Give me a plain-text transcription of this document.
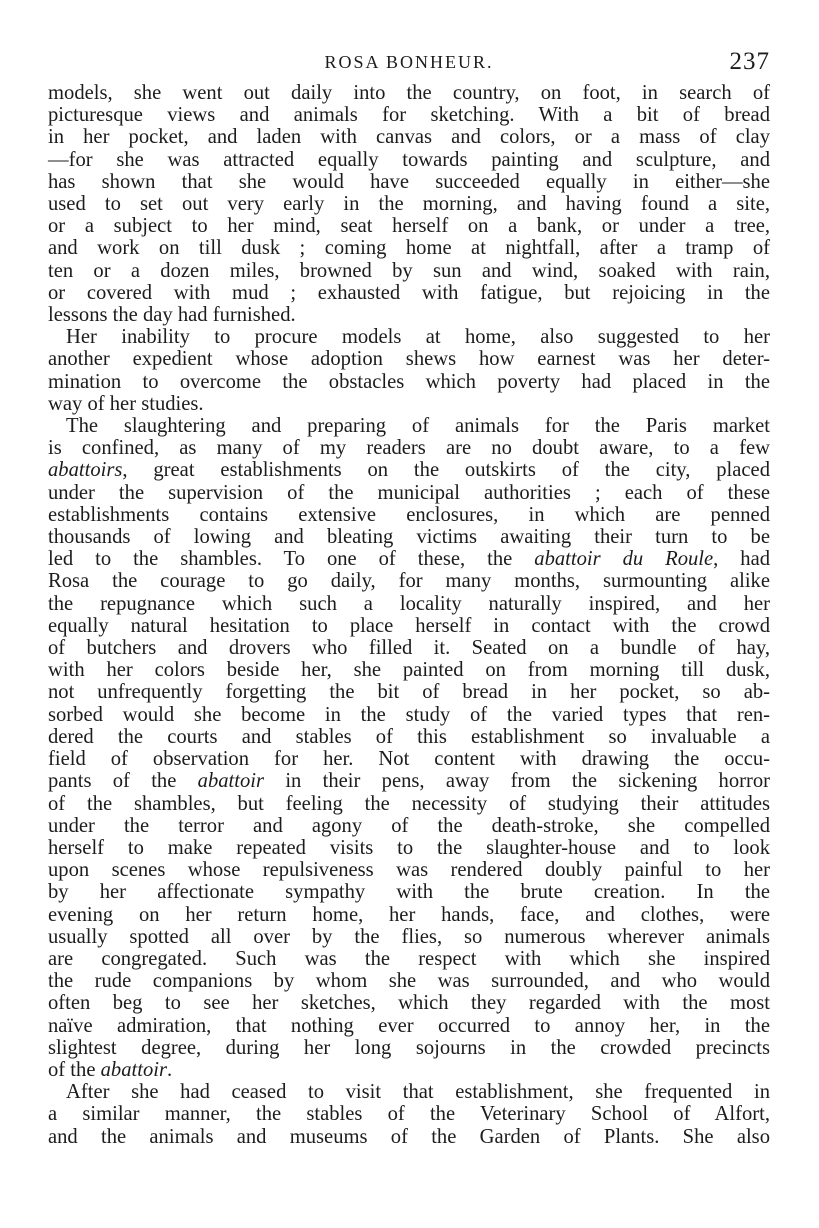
ROSA BONHEUR.	237

models, she went out daily into the country, on foot, in search of
picturesque views and animals for sketching. With a bit of bread
in her pocket, and laden with canvas and colors, or a mass of clay
—for she was attracted equally towards painting and sculpture, and
has shown that she would have succeeded equally in either—she
used to set out very early in the morning, and having found a site,
or a subject to her mind, seat herself on a bank, or under a tree,
and work on till dusk ; coming home at nightfall, after a tramp of
ten or a dozen miles, browned by sun and wind, soaked with rain,
or covered with mud ; exhausted with fatigue, but rejoicing in the
lessons the day had furnished.

Her inability to procure models at home, also suggested to her
another expedient whose adoption shews how earnest was her deter-
mination to overcome the obstacles which poverty had placed in the
way of her studies.

The slaughtering and preparing of animals for the Paris market
is confined, as many of my readers are no doubt aware, to a few
abattoirs, great establishments on the outskirts of the city, placed
under the supervision of the municipal authorities ; each of these
establishments contains extensive enclosures, in which are penned
thousands of lowing and bleating victims awaiting their turn to be
led to the shambles. To one of these, the abattoir du Roule, had
Rosa the courage to go daily, for many months, surmounting alike
the repugnance which such a locality naturally inspired, and her
equally natural hesitation to place herself in contact with the crowd
of butchers and drovers who filled it. Seated on a bundle of hay,
with her colors beside her, she painted on from morning till dusk,
not unfrequently forgetting the bit of bread in her pocket, so ab-
sorbed would she become in the study of the varied types that ren-
dered the courts and stables of this establishment so invaluable a
field of observation for her. Not content with drawing the occu-
pants of the abattoir in their pens, away from the sickening horror
of the shambles, but feeling the necessity of studying their attitudes
under the terror and agony of the death-stroke, she compelled
herself to make repeated visits to the slaughter-house and to look
upon scenes whose repulsiveness was rendered doubly painful to her
by her affectionate sympathy with the brute creation. In the
evening on her return home, her hands, face, and clothes, were
usually spotted all over by the flies, so numerous wherever animals
are congregated. Such was the respect with which she inspired
the rude companions by whom she was surrounded, and who would
often beg to see her sketches, which they regarded with the most
naïve admiration, that nothing ever occurred to annoy her, in the
slightest degree, during her long sojourns in the crowded precincts
of the abattoir.

After she had ceased to visit that establishment, she frequented in
a similar manner, the stables of the Veterinary School of Alfort,
and the animals and museums of the Garden of Plants. She also
